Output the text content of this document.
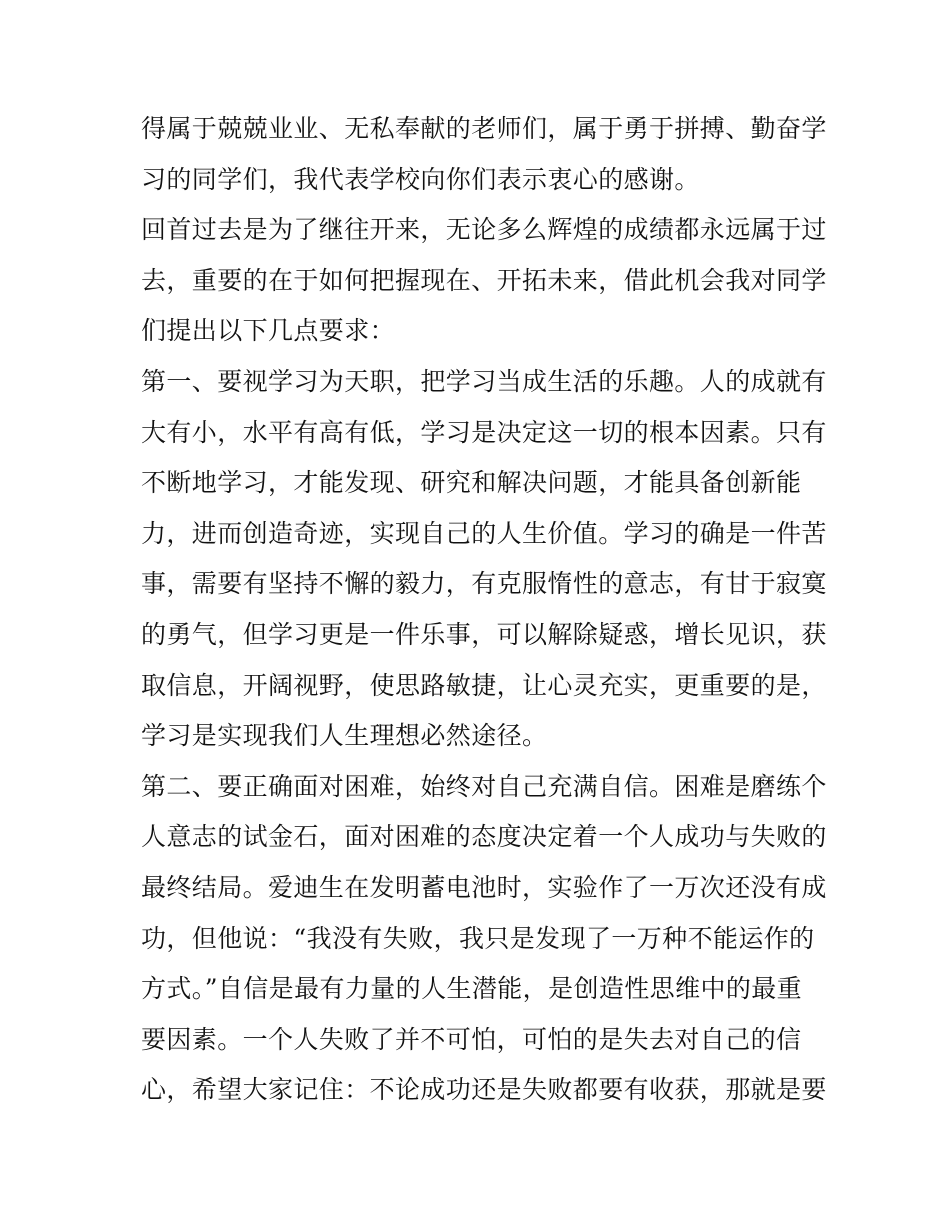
得属于兢兢业业、无私奉献的老师们，属于勇于拼搏、勤奋学
习的同学们，我代表学校向你们表示衷心的感谢。
回首过去是为了继往开来，无论多么辉煌的成绩都永远属于过
去，重要的在于如何把握现在、开拓未来，借此机会我对同学
们提出以下几点要求：
第一、要视学习为天职，把学习当成生活的乐趣。人的成就有
大有小，水平有高有低，学习是决定这一切的根本因素。只有
不断地学习，才能发现、研究和解决问题，才能具备创新能
力，进而创造奇迹，实现自己的人生价值。学习的确是一件苦
事，需要有坚持不懈的毅力，有克服惰性的意志，有甘于寂寞
的勇气，但学习更是一件乐事，可以解除疑惑，增长见识，获
取信息，开阔视野，使思路敏捷，让心灵充实，更重要的是，
学习是实现我们人生理想必然途径。
第二、要正确面对困难，始终对自己充满自信。困难是磨练个
人意志的试金石，面对困难的态度决定着一个人成功与失败的
最终结局。爱迪生在发明蓄电池时，实验作了一万次还没有成
功，但他说：“我没有失败，我只是发现了一万种不能运作的
方式。”自信是最有力量的人生潜能，是创造性思维中的最重
要因素。一个人失败了并不可怕，可怕的是失去对自己的信
心，希望大家记住：不论成功还是失败都要有收获，那就是要
